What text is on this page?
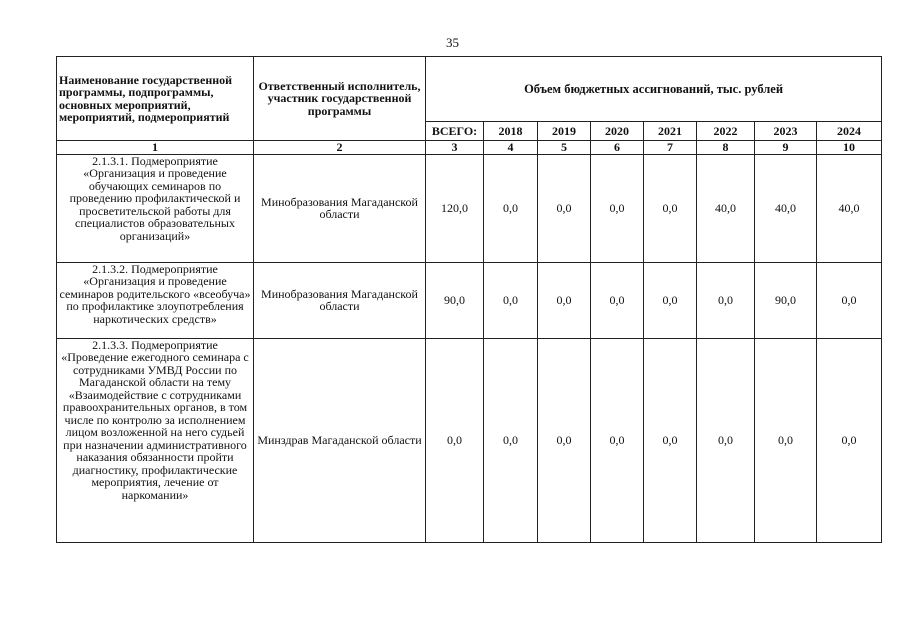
35
Наименование государственной программы, подпрограммы, основных мероприятий, мероприятий, подмероприятий	Ответственный исполнитель, участник государственной программы	Объем бюджетных ассигнований, тыс. рублей							
		ВСЕГО:	2018	2019	2020	2021	2022	2023	2024
1	2	3	4	5	6	7	8	9	10
2.1.3.1. Подмероприятие «Организация и проведение обучающих семинаров по проведению профилактической и просветительской работы для специалистов образовательных организаций»	Минобразования Магаданской области	120,0	0,0	0,0	0,0	0,0	40,0	40,0	40,0
2.1.3.2. Подмероприятие «Организация и проведение семинаров родительского «всеобуча» по профилактике злоупотребления наркотических средств»	Минобразования Магаданской области	90,0	0,0	0,0	0,0	0,0	0,0	90,0	0,0
2.1.3.3. Подмероприятие «Проведение ежегодного семинара с сотрудниками УМВД России по Магаданской области на тему «Взаимодействие с сотрудниками правоохранительных органов, в том числе по контролю за исполнением лицом возложенной на него судьей при назначении административного наказания обязанности пройти диагностику, профилактические мероприятия, лечение от наркомании»	Минздрав Магаданской области	0,0	0,0	0,0	0,0	0,0	0,0	0,0	0,0
